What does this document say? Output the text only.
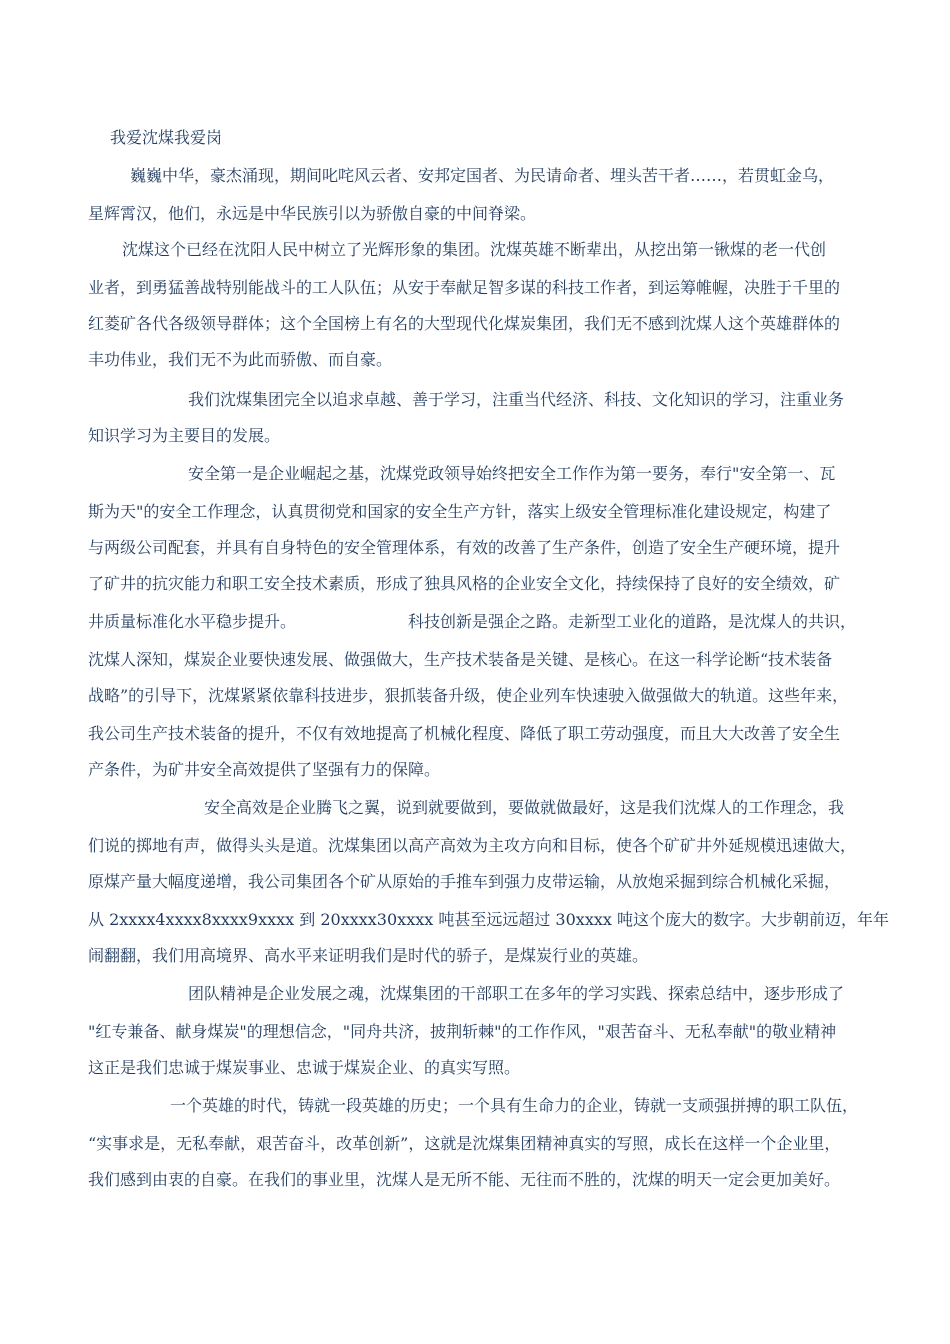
我爱沈煤我爱岗
巍巍中华，豪杰涌现，期间叱咤风云者、安邦定国者、为民请命者、埋头苦干者……，若贯虹金乌，
星辉霄汉，他们，永远是中华民族引以为骄傲自豪的中间脊梁。
沈煤这个已经在沈阳人民中树立了光辉形象的集团。沈煤英雄不断辈出，从挖出第一锹煤的老一代创
业者，到勇猛善战特别能战斗的工人队伍；从安于奉献足智多谋的科技工作者，到运筹帷幄，决胜于千里的
红菱矿各代各级领导群体；这个全国榜上有名的大型现代化煤炭集团，我们无不感到沈煤人这个英雄群体的
丰功伟业，我们无不为此而骄傲、而自豪。
我们沈煤集团完全以追求卓越、善于学习，注重当代经济、科技、文化知识的学习，注重业务
知识学习为主要目的发展。
安全第一是企业崛起之基，沈煤党政领导始终把安全工作作为第一要务，奉行"安全第一、瓦
斯为天"的安全工作理念，认真贯彻党和国家的安全生产方针，落实上级安全管理标准化建设规定，构建了
与两级公司配套，并具有自身特色的安全管理体系，有效的改善了生产条件，创造了安全生产硬环境，提升
了矿井的抗灾能力和职工安全技术素质，形成了独具风格的企业安全文化，持续保持了良好的安全绩效，矿
井质量标准化水平稳步提升。	科技创新是强企之路。走新型工业化的道路，是沈煤人的共识，
沈煤人深知，煤炭企业要快速发展、做强做大，生产技术装备是关键、是核心。在这一科学论断“技术装备
战略”的引导下，沈煤紧紧依靠科技进步，狠抓装备升级，使企业列车快速驶入做强做大的轨道。这些年来，
我公司生产技术装备的提升，不仅有效地提高了机械化程度、降低了职工劳动强度，而且大大改善了安全生
产条件，为矿井安全高效提供了坚强有力的保障。
安全高效是企业腾飞之翼，说到就要做到，要做就做最好，这是我们沈煤人的工作理念，我
们说的掷地有声，做得头头是道。沈煤集团以高产高效为主攻方向和目标，使各个矿矿井外延规模迅速做大，
原煤产量大幅度递增，我公司集团各个矿从原始的手推车到强力皮带运输，从放炮采掘到综合机械化采掘，
从 2xxxx4xxxx8xxxx9xxxx 到 20xxxx30xxxx 吨甚至远远超过 30xxxx 吨这个庞大的数字。大步朝前迈，年年
闹翻翻，我们用高境界、高水平来证明我们是时代的骄子，是煤炭行业的英雄。
团队精神是企业发展之魂，沈煤集团的干部职工在多年的学习实践、探索总结中，逐步形成了
"红专兼备、献身煤炭"的理想信念，"同舟共济，披荆斩棘"的工作作风，"艰苦奋斗、无私奉献"的敬业精神
这正是我们忠诚于煤炭事业、忠诚于煤炭企业、的真实写照。
一个英雄的时代，铸就一段英雄的历史；一个具有生命力的企业，铸就一支顽强拼搏的职工队伍，
“实事求是，无私奉献，艰苦奋斗，改革创新”，这就是沈煤集团精神真实的写照，成长在这样一个企业里，
我们感到由衷的自豪。在我们的事业里，沈煤人是无所不能、无往而不胜的，沈煤的明天一定会更加美好。
